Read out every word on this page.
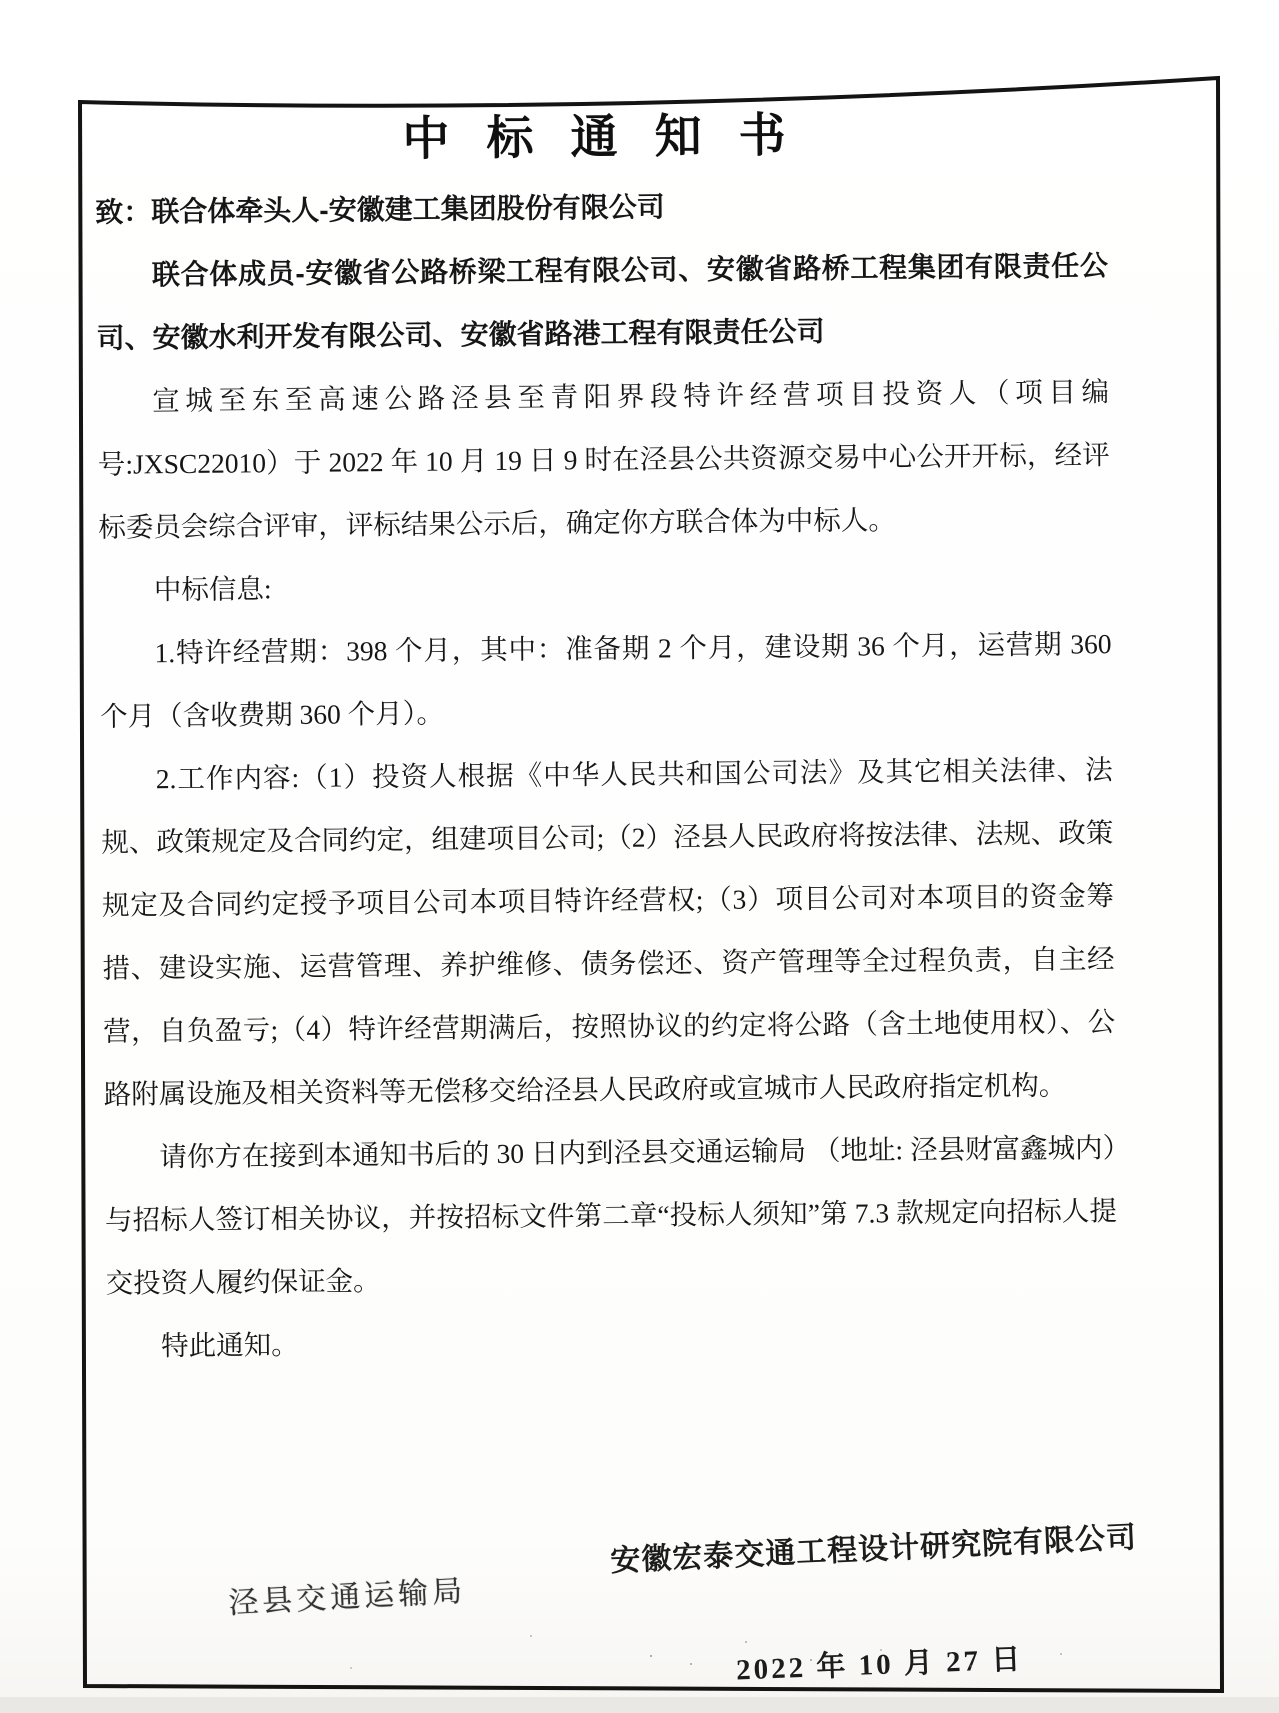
中 标 通 知 书

致：联合体牵头人-安徽建工集团股份有限公司

联合体成员-安徽省公路桥梁工程有限公司、安徽省路桥工程集团有限责任公司、安徽水利开发有限公司、安徽省路港工程有限责任公司

宣城至东至高速公路泾县至青阳界段特许经营项目投资人（项目编号:JXSC22010）于 2022 年 10 月 19 日 9 时在泾县公共资源交易中心公开开标，经评标委员会综合评审，评标结果公示后，确定你方联合体为中标人。

中标信息:

1.特许经营期：398 个月，其中：准备期 2 个月，建设期 36 个月，运营期 360 个月（含收费期 360 个月）。

2.工作内容:（1）投资人根据《中华人民共和国公司法》及其它相关法律、法规、政策规定及合同约定，组建项目公司;（2）泾县人民政府将按法律、法规、政策规定及合同约定授予项目公司本项目特许经营权;（3）项目公司对本项目的资金筹措、建设实施、运营管理、养护维修、债务偿还、资产管理等全过程负责，自主经营，自负盈亏;（4）特许经营期满后，按照协议的约定将公路（含土地使用权）、公路附属设施及相关资料等无偿移交给泾县人民政府或宣城市人民政府指定机构。

请你方在接到本通知书后的 30 日内到泾县交通运输局 （地址: 泾县财富鑫城内）与招标人签订相关协议，并按招标文件第二章“投标人须知”第 7.3 款规定向招标人提交投资人履约保证金。

特此通知。

泾县交通运输局
安徽宏泰交通工程设计研究院有限公司
2022 年 10 月 27 日
